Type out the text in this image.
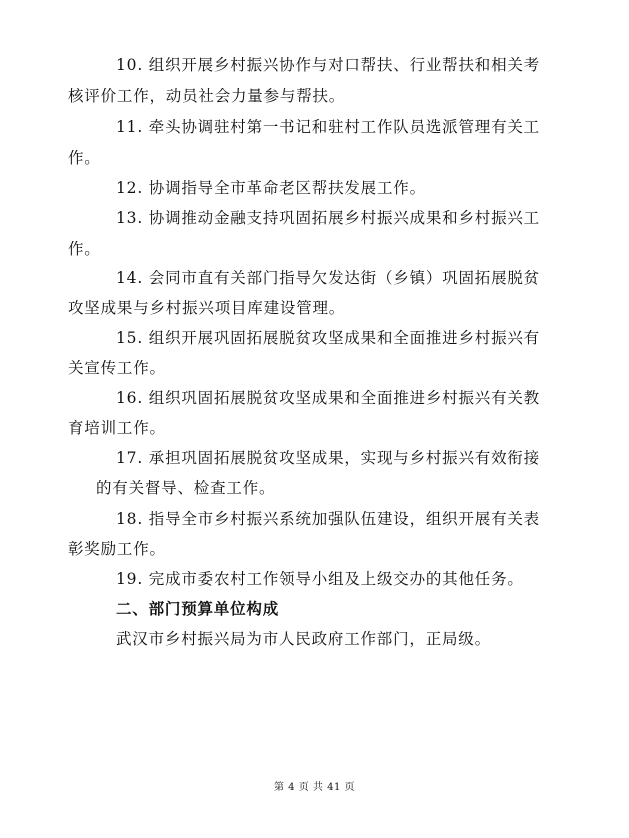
10. 组织开展乡村振兴协作与对口帮扶、行业帮扶和相关考
核评价工作，动员社会力量参与帮扶。
11. 牵头协调驻村第一书记和驻村工作队员选派管理有关工
作。
12. 协调指导全市革命老区帮扶发展工作。
13. 协调推动金融支持巩固拓展乡村振兴成果和乡村振兴工
作。
14. 会同市直有关部门指导欠发达街（乡镇）巩固拓展脱贫
攻坚成果与乡村振兴项目库建设管理。
15. 组织开展巩固拓展脱贫攻坚成果和全面推进乡村振兴有
关宣传工作。
16. 组织巩固拓展脱贫攻坚成果和全面推进乡村振兴有关教
育培训工作。
17. 承担巩固拓展脱贫攻坚成果，实现与乡村振兴有效衔接
的有关督导、检查工作。
18. 指导全市乡村振兴系统加强队伍建设，组织开展有关表
彰奖励工作。
19. 完成市委农村工作领导小组及上级交办的其他任务。
二、部门预算单位构成
武汉市乡村振兴局为市人民政府工作部门，正局级。
第 4 页 共 41 页
